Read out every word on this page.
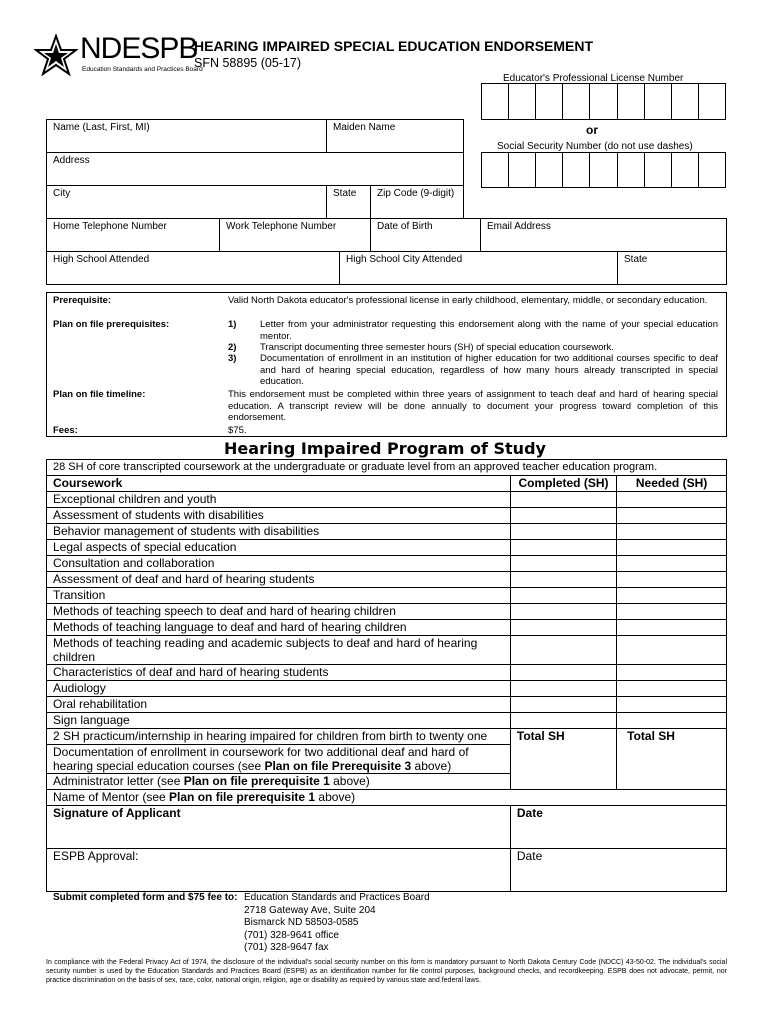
NDESPB
Education Standards and Practices Board
HEARING IMPAIRED SPECIAL EDUCATION ENDORSEMENT
SFN 58895 (05-17)
Educator's Professional License Number
or
Social Security Number (do not use dashes)
Name (Last, First, MI)	Maiden Name
Address
City	State Zip Code (9-digit)
Home Telephone Number	Work Telephone Number	Date of Birth	Email Address
High School Attended	High School City Attended	State
Prerequisite:	Valid North Dakota educator's professional license in early childhood, elementary, middle, or secondary education.
Plan on file prerequisites:	1) Letter from your administrator requesting this endorsement along with the name of your special education mentor.
2) Transcript documenting three semester hours (SH) of special education coursework.
3) Documentation of enrollment in an institution of higher education for two additional courses specific to deaf and hard of hearing special education, regardless of how many hours already transcripted in special education.
Plan on file timeline:	This endorsement must be completed within three years of assignment to teach deaf and hard of hearing special education. A transcript review will be done annually to document your progress toward completion of this endorsement.
Fees:	$75.
Hearing Impaired Program of Study
28 SH of core transcripted coursework at the undergraduate or graduate level from an approved teacher education program.		
Coursework	Completed (SH)	Needed (SH)
Exceptional children and youth		
Assessment of students with disabilities		
Behavior management of students with disabilities		
Legal aspects of special education		
Consultation and collaboration		
Assessment of deaf and hard of hearing students		
Transition		
Methods of teaching speech to deaf and hard of hearing children		
Methods of teaching language to deaf and hard of hearing children		
Methods of teaching reading and academic subjects to deaf and hard of hearing children		
Characteristics of deaf and hard of hearing students		
Audiology		
Oral rehabilitation		
Sign language		
2 SH practicum/internship in hearing impaired for children from birth to twenty one	Total SH	Total SH
Documentation of enrollment in coursework for two additional deaf and hard of hearing special education courses (see Plan on file Prerequisite 3 above)		
Administrator letter (see Plan on file prerequisite 1 above)		
Name of Mentor (see Plan on file prerequisite 1 above)		
Signature of Applicant	Date	
ESPB Approval:	Date	
Submit completed form and $75 fee to: Education Standards and Practices Board
2718 Gateway Ave, Suite 204
Bismarck ND 58503-0585
(701) 328-9641 office
(701) 328-9647 fax
In compliance with the Federal Privacy Act of 1974, the disclosure of the individual's social security number on this form is mandatory pursuant to North Dakota Century Code (NDCC) 43-50-02. The individual's social security number is used by the Education Standards and Practices Board (ESPB) as an identification number for file control purposes, background checks, and recordkeeping. ESPB does not advocate, permit, nor practice discrimination on the basis of sex, race, color, national origin, religion, age or disability as required by various state and federal laws.
